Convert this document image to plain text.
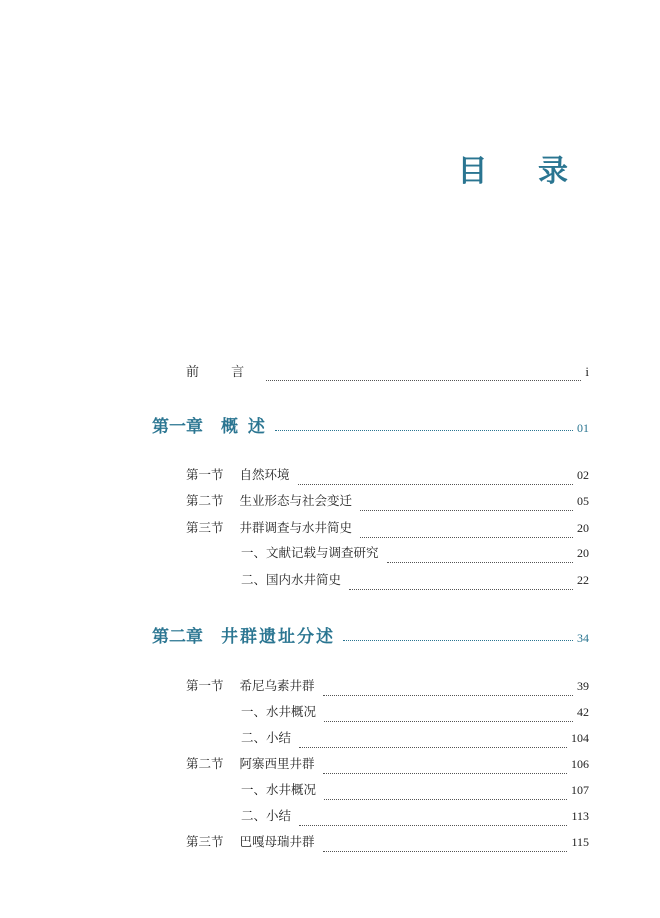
目 录
前 言	i
第一章 概 述	01
第一节 自然环境	02
第二节 生业形态与社会变迁	05
第三节 井群调查与水井简史	20
一、文献记载与调查研究	20
二、国内水井简史	22
第二章 井群遗址分述	34
第一节 希尼乌素井群	39
一、水井概况	42
二、小结	104
第二节 阿寨西里井群	106
一、水井概况	107
二、小结	113
第三节 巴嘎母瑞井群	115
